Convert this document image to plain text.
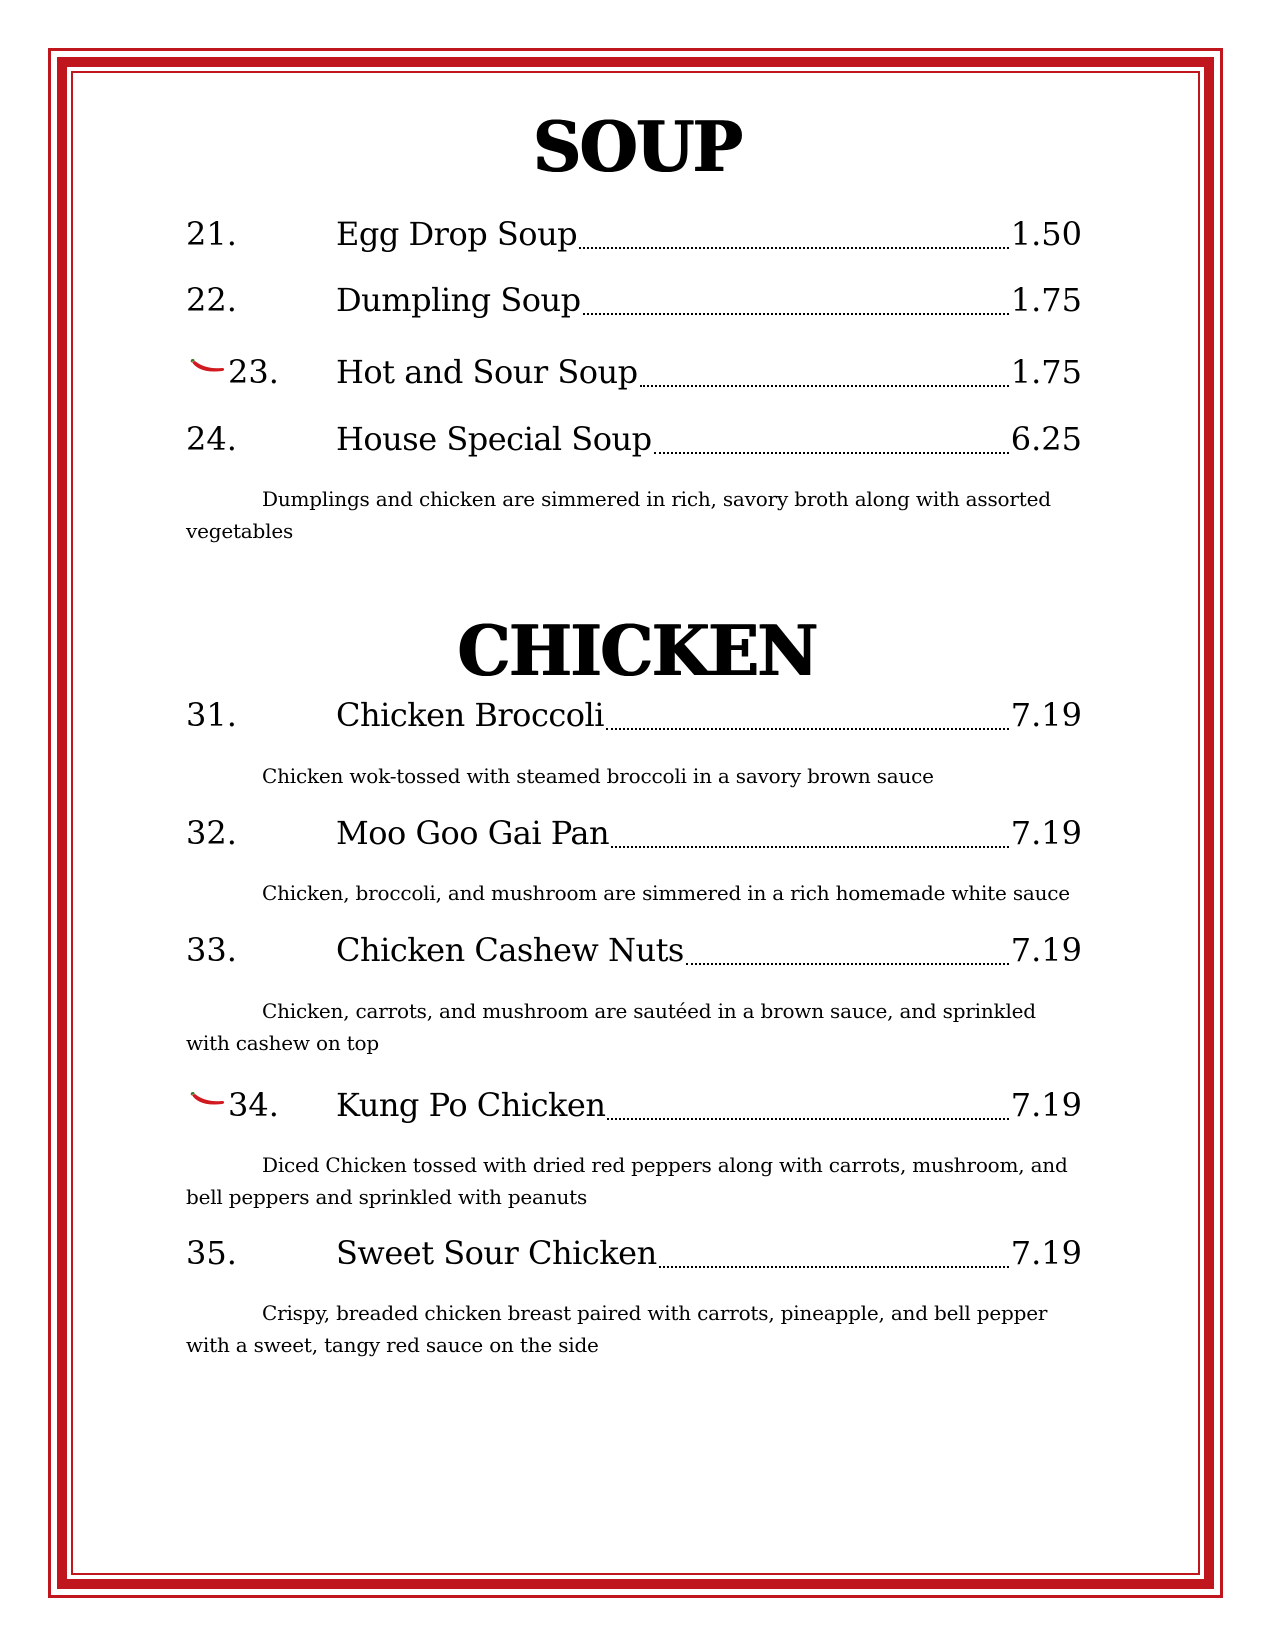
SOUP
21.	Egg Drop Soup	1.50
22.	Dumpling Soup	1.75
23. Hot and Sour Soup	1.75
24.	House Special Soup	6.25
Dumplings and chicken are simmered in rich, savory broth along with assorted vegetables
CHICKEN
31.	Chicken Broccoli	7.19
Chicken wok-tossed with steamed broccoli in a savory brown sauce
32.	Moo Goo Gai Pan	7.19
Chicken, broccoli, and mushroom are simmered in a rich homemade white sauce
33.	Chicken Cashew Nuts	7.19
Chicken, carrots, and mushroom are sautéed in a brown sauce, and sprinkled with cashew on top
34. Kung Po Chicken	7.19
Diced Chicken tossed with dried red peppers along with carrots, mushroom, and bell peppers and sprinkled with peanuts
35.	Sweet Sour Chicken	7.19
Crispy, breaded chicken breast paired with carrots, pineapple, and bell pepper with a sweet, tangy red sauce on the side
